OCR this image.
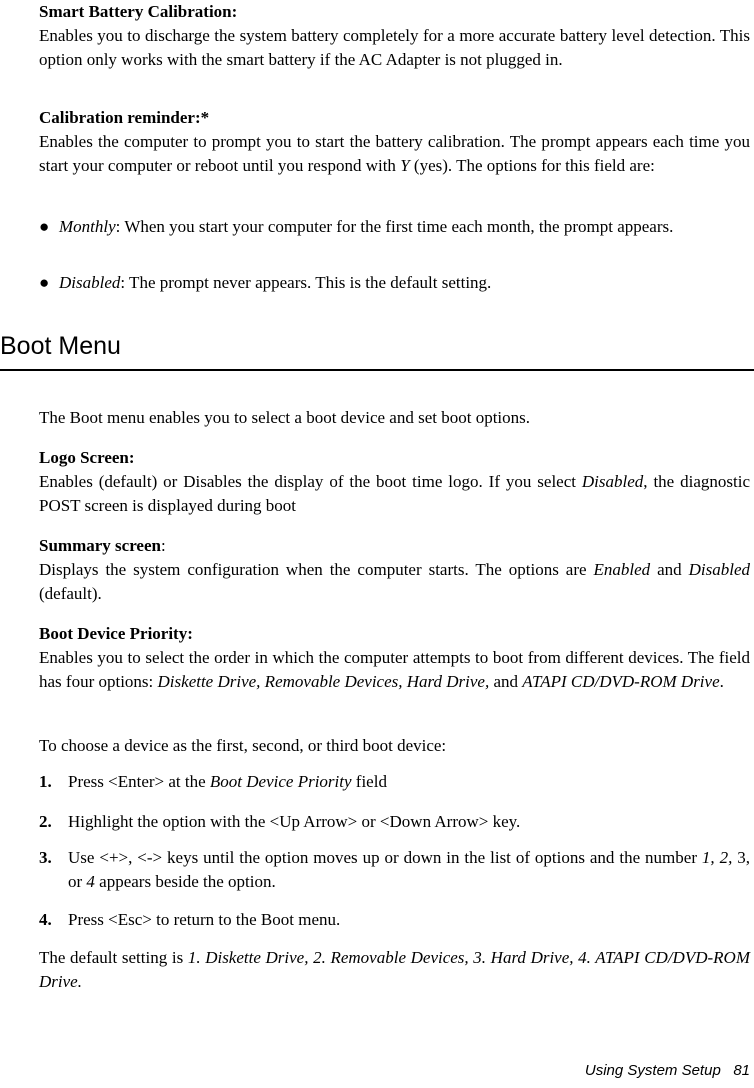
Smart Battery Calibration:
Enables you to discharge the system battery completely for a more accurate battery level detection. This option only works with the smart battery if the AC Adapter is not plugged in.
Calibration reminder:*
Enables the computer to prompt you to start the battery calibration. The prompt appears each time you start your computer or reboot until you respond with Y (yes). The options for this field are:
● Monthly: When you start your computer for the first time each month, the prompt appears.
● Disabled: The prompt never appears. This is the default setting.
Boot Menu
The Boot menu enables you to select a boot device and set boot options.
Logo Screen:
Enables (default) or Disables the display of the boot time logo. If you select Disabled, the diagnostic POST screen is displayed during boot
Summary screen:
Displays the system configuration when the computer starts. The options are Enabled and Disabled (default).
Boot Device Priority:
Enables you to select the order in which the computer attempts to boot from different devices. The field has four options: Diskette Drive, Removable Devices, Hard Drive, and ATAPI CD/DVD-ROM Drive.
To choose a device as the first, second, or third boot device:
1. Press <Enter> at the Boot Device Priority field
2. Highlight the option with the <Up Arrow> or <Down Arrow> key.
3. Use <+>, <-> keys until the option moves up or down in the list of options and the number 1, 2, 3, or 4 appears beside the option.
4. Press <Esc> to return to the Boot menu.
The default setting is 1. Diskette Drive, 2. Removable Devices, 3. Hard Drive, 4. ATAPI CD/DVD-ROM Drive.
Using System Setup 81
